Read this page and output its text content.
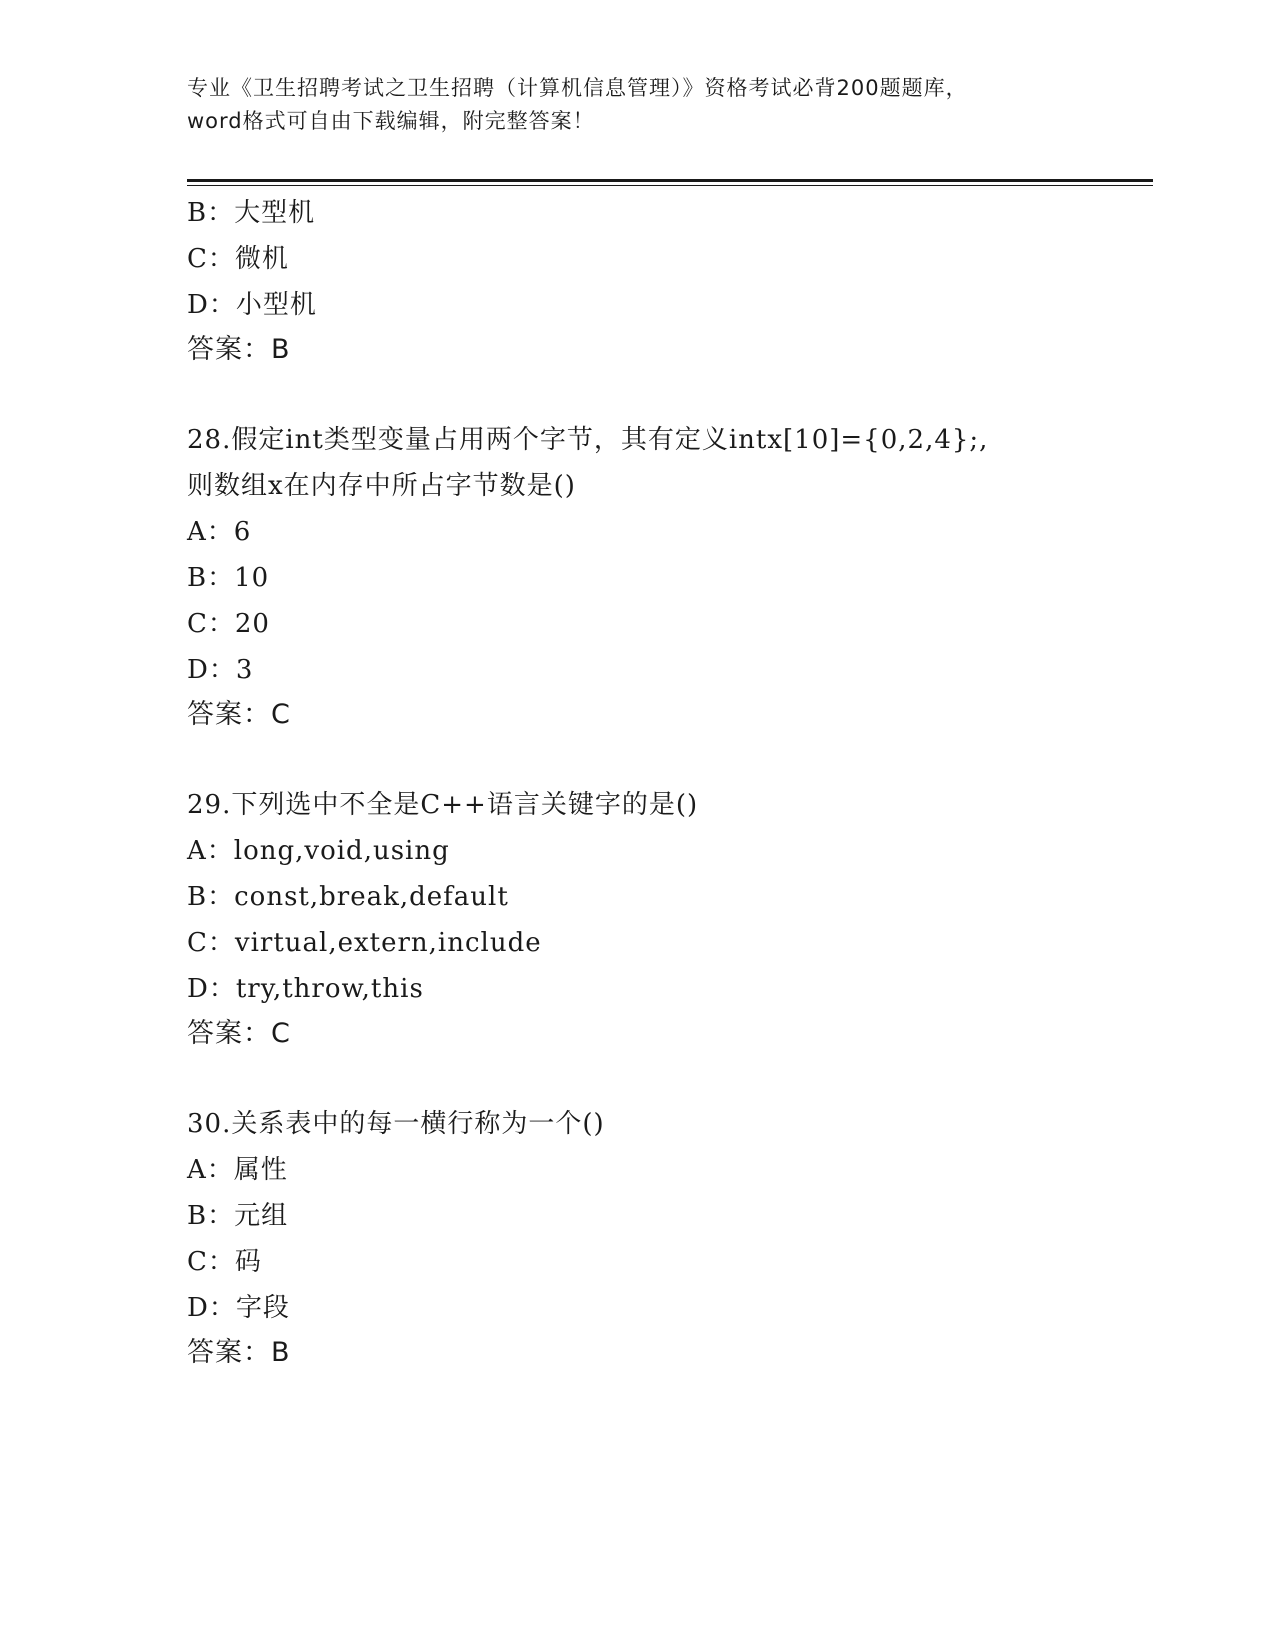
专业《卫生招聘考试之卫生招聘（计算机信息管理）》资格考试必背200题题库，

word格式可自由下载编辑，附完整答案！

B：大型机
C：微机
D：小型机
答案：B
28.假定int类型变量占用两个字节，其有定义intx[10]={0,2,4};,
则数组x在内存中所占字节数是()
A：6
B：10
C：20
D：3
答案：C
29.下列选中不全是C++语言关键字的是()
A：long,void,using
B：const,break,default
C：virtual,extern,include
D：try,throw,this
答案：C
30.关系表中的每一横行称为一个()
A：属性
B：元组
C：码
D：字段
答案：B
